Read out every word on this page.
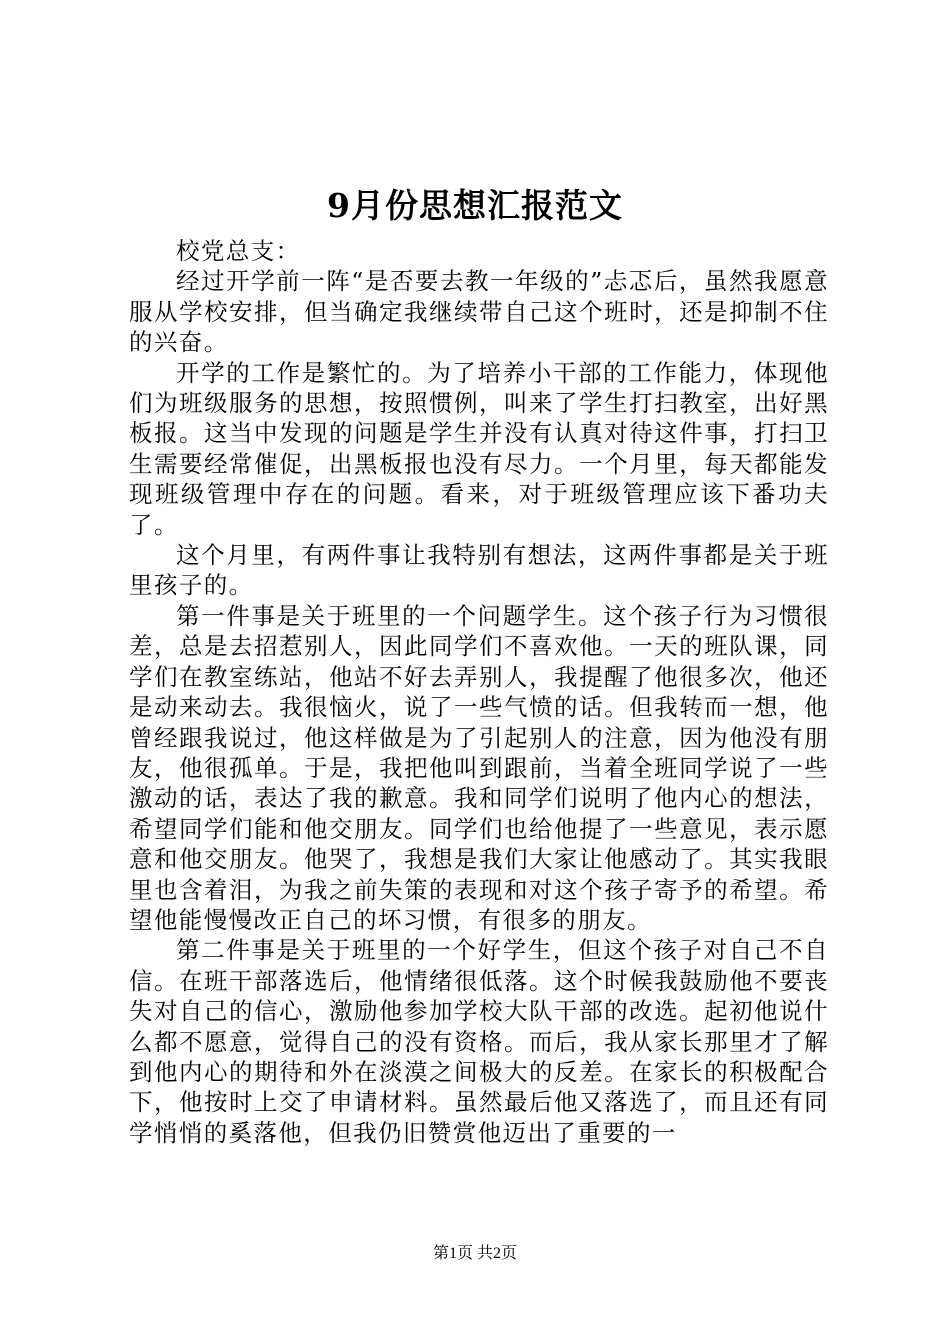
9月份思想汇报范文

校党总支：

经过开学前一阵“是否要去教一年级的”忐忑后，虽然我愿意服从学校安排，但当确定我继续带自己这个班时，还是抑制不住的兴奋。

开学的工作是繁忙的。为了培养小干部的工作能力，体现他们为班级服务的思想，按照惯例，叫来了学生打扫教室，出好黑板报。这当中发现的问题是学生并没有认真对待这件事，打扫卫生需要经常催促，出黑板报也没有尽力。一个月里，每天都能发现班级管理中存在的问题。看来，对于班级管理应该下番功夫了。

这个月里，有两件事让我特别有想法，这两件事都是关于班里孩子的。

第一件事是关于班里的一个问题学生。这个孩子行为习惯很差，总是去招惹别人，因此同学们不喜欢他。一天的班队课，同学们在教室练站，他站不好去弄别人，我提醒了他很多次，他还是动来动去。我很恼火，说了一些气愤的话。但我转而一想，他曾经跟我说过，他这样做是为了引起别人的注意，因为他没有朋友，他很孤单。于是，我把他叫到跟前，当着全班同学说了一些激动的话，表达了我的歉意。我和同学们说明了他内心的想法，希望同学们能和他交朋友。同学们也给他提了一些意见，表示愿意和他交朋友。他哭了，我想是我们大家让他感动了。其实我眼里也含着泪，为我之前失策的表现和对这个孩子寄予的希望。希望他能慢慢改正自己的坏习惯，有很多的朋友。

第二件事是关于班里的一个好学生，但这个孩子对自己不自信。在班干部落选后，他情绪很低落。这个时候我鼓励他不要丧失对自己的信心，激励他参加学校大队干部的改选。起初他说什么都不愿意，觉得自己的没有资格。而后，我从家长那里才了解到他内心的期待和外在淡漠之间极大的反差。在家长的积极配合下，他按时上交了申请材料。虽然最后他又落选了，而且还有同学悄悄的奚落他，但我仍旧赞赏他迈出了重要的一

第1页 共2页
